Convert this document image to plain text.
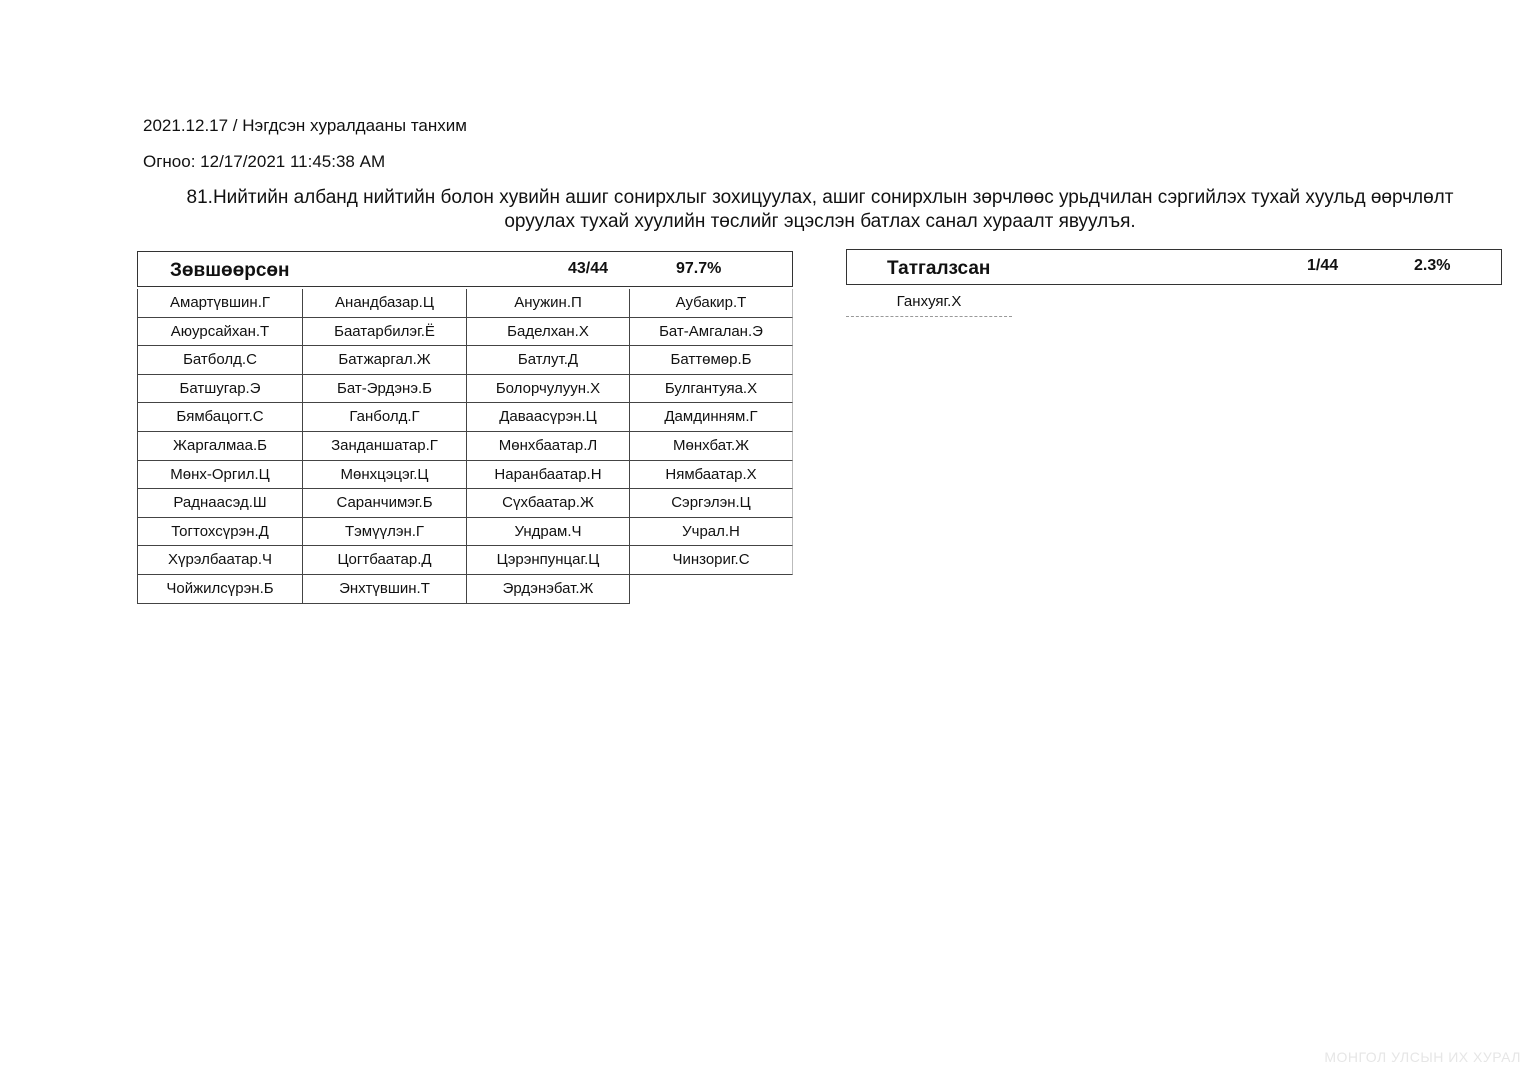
2021.12.17 / Нэгдсэн хуралдааны танхим
Огноо: 12/17/2021 11:45:38 AM
81.Нийтийн албанд нийтийн болон хувийн ашиг сонирхлыг зохицуулах, ашиг сонирхлын зөрчлөөс урьдчилан сэргийлэх тухай хуульд өөрчлөлт оруулах тухай хуулийн төслийг эцэслэн батлах санал хураалт явуулъя.
Зөвшөөрсөн	43/44	97.7%
Амартүвшин.Г	Анандбазар.Ц	Анужин.П	Аубакир.Т
Аюурсайхан.Т	Баатарбилэг.Ё	Баделхан.Х	Бат-Амгалан.Э
Батболд.С	Батжаргал.Ж	Батлут.Д	Баттөмөр.Б
Батшугар.Э	Бат-Эрдэнэ.Б	Болорчулуун.Х	Булгантуяа.Х
Бямбацогт.С	Ганболд.Г	Даваасүрэн.Ц	Дамдинням.Г
Жаргалмаа.Б	Занданшатар.Г	Мөнхбаатар.Л	Мөнхбат.Ж
Мөнх-Оргил.Ц	Мөнхцэцэг.Ц	Наранбаатар.Н	Нямбаатар.Х
Раднаасэд.Ш	Саранчимэг.Б	Сүхбаатар.Ж	Сэргэлэн.Ц
Тогтохсүрэн.Д	Тэмүүлэн.Г	Ундрам.Ч	Учрал.Н
Хүрэлбаатар.Ч	Цогтбаатар.Д	Цэрэнпунцаг.Ц	Чинзориг.С
Чойжилсүрэн.Б	Энхтүвшин.Т	Эрдэнэбат.Ж
Татгалзсан	1/44	2.3%
Ганхуяг.Х
МОНГОЛ УЛСЫН ИХ ХУРАЛ
